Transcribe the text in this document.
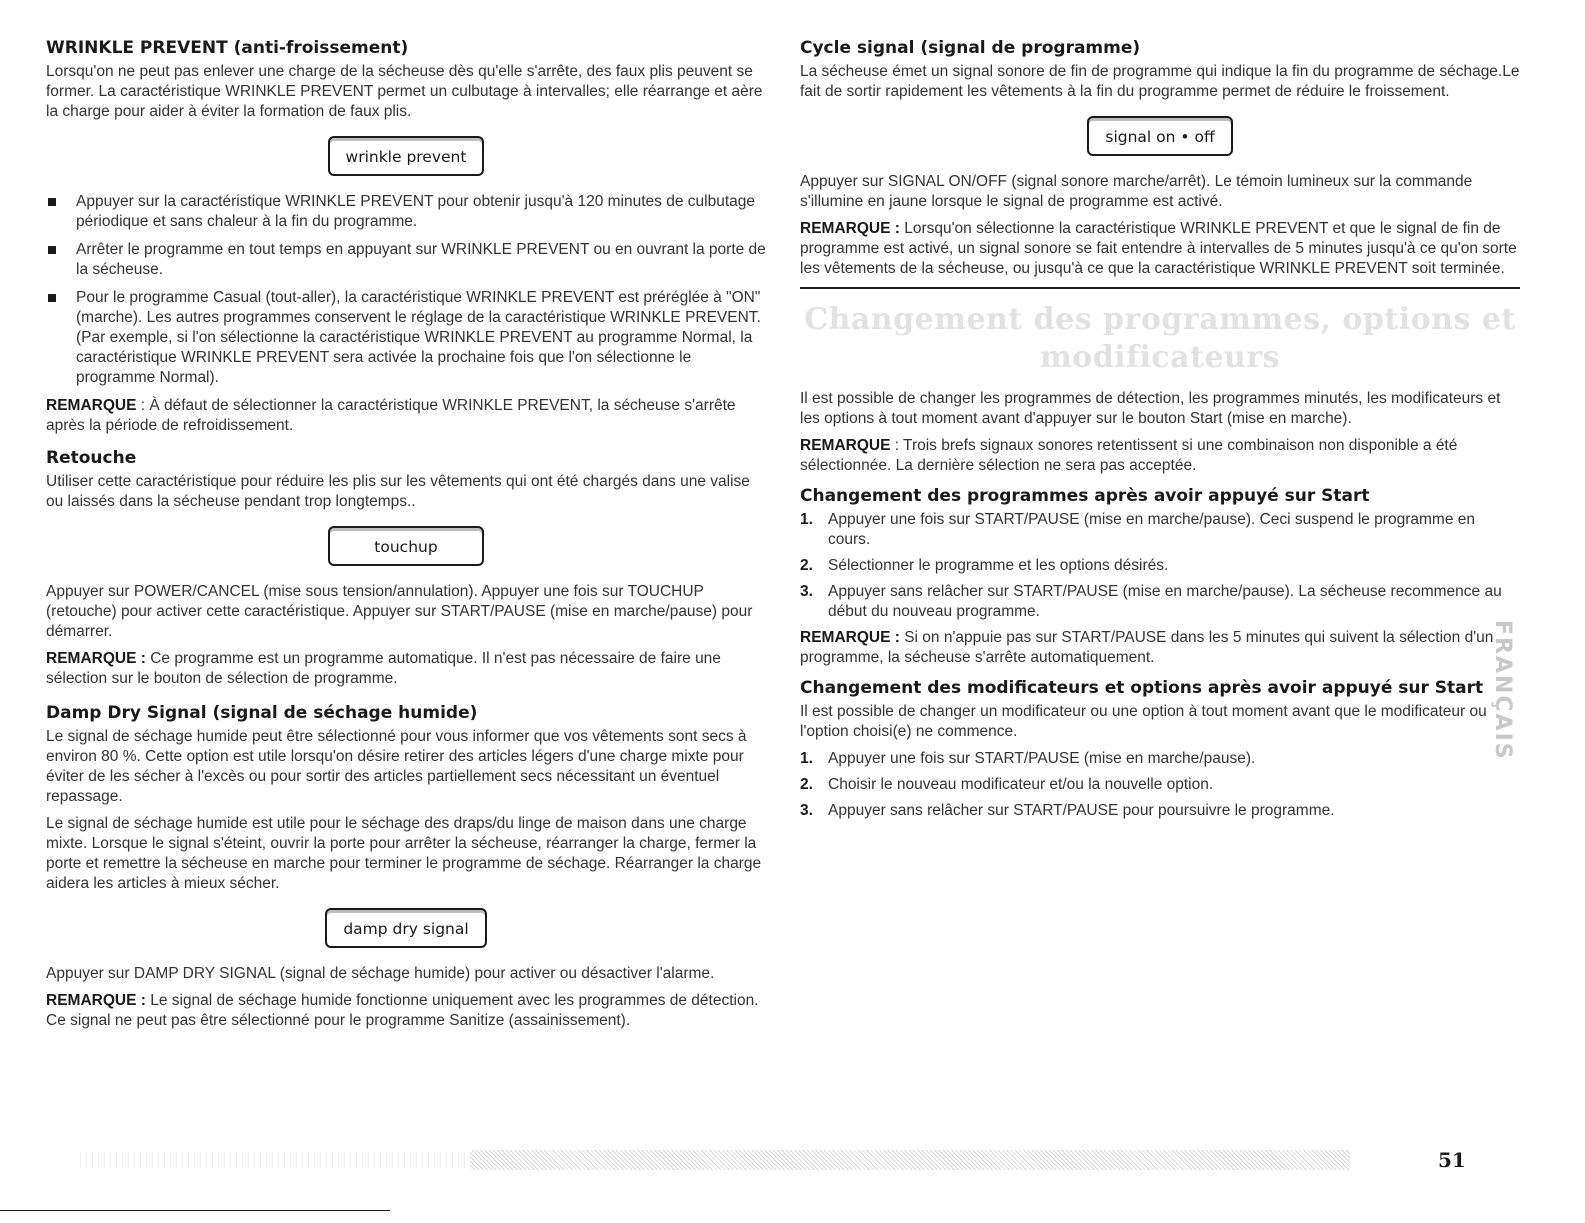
WRINKLE PREVENT (anti-froissement)

Lorsqu'on ne peut pas enlever une charge de la sécheuse dès qu'elle s'arrête, des faux plis peuvent se former. La caractéristique WRINKLE PREVENT permet un culbutage à intervalles; elle réarrange et aère la charge pour aider à éviter la formation de faux plis.

wrinkle prevent
Appuyer sur la caractéristique WRINKLE PREVENT pour obtenir jusqu'à 120 minutes de culbutage périodique et sans chaleur à la fin du programme.
Arrêter le programme en tout temps en appuyant sur WRINKLE PREVENT ou en ouvrant la porte de la sécheuse.
Pour le programme Casual (tout-aller), la caractéristique WRINKLE PREVENT est préréglée à "ON" (marche). Les autres programmes conservent le réglage de la caractéristique WRINKLE PREVENT. (Par exemple, si l'on sélectionne la caractéristique WRINKLE PREVENT au programme Normal, la caractéristique WRINKLE PREVENT sera activée la prochaine fois que l'on sélectionne le programme Normal).

REMARQUE : À défaut de sélectionner la caractéristique WRINKLE PREVENT, la sécheuse s'arrête après la période de refroidissement.

Retouche

Utiliser cette caractéristique pour réduire les plis sur les vêtements qui ont été chargés dans une valise ou laissés dans la sécheuse pendant trop longtemps..

touchup

Appuyer sur POWER/CANCEL (mise sous tension/annulation). Appuyer une fois sur TOUCHUP (retouche) pour activer cette caractéristique. Appuyer sur START/PAUSE (mise en marche/pause) pour démarrer.

REMARQUE : Ce programme est un programme automatique. Il n'est pas nécessaire de faire une sélection sur le bouton de sélection de programme.

Damp Dry Signal (signal de séchage humide)

Le signal de séchage humide peut être sélectionné pour vous informer que vos vêtements sont secs à environ 80 %. Cette option est utile lorsqu'on désire retirer des articles légers d'une charge mixte pour éviter de les sécher à l'excès ou pour sortir des articles partiellement secs nécessitant un éventuel repassage.

Le signal de séchage humide est utile pour le séchage des draps/du linge de maison dans une charge mixte. Lorsque le signal s'éteint, ouvrir la porte pour arrêter la sécheuse, réarranger la charge, fermer la porte et remettre la sécheuse en marche pour terminer le programme de séchage. Réarranger la charge aidera les articles à mieux sécher.

damp dry signal

Appuyer sur DAMP DRY SIGNAL (signal de séchage humide) pour activer ou désactiver l'alarme.

REMARQUE : Le signal de séchage humide fonctionne uniquement avec les programmes de détection. Ce signal ne peut pas être sélectionné pour le programme Sanitize (assainissement).

Cycle signal (signal de programme)

La sécheuse émet un signal sonore de fin de programme qui indique la fin du programme de séchage.Le fait de sortir rapidement les vêtements à la fin du programme permet de réduire le froissement.

signal on • off

Appuyer sur SIGNAL ON/OFF (signal sonore marche/arrêt). Le témoin lumineux sur la commande s'illumine en jaune lorsque le signal de programme est activé.

REMARQUE : Lorsqu'on sélectionne la caractéristique WRINKLE PREVENT et que le signal de fin de programme est activé, un signal sonore se fait entendre à intervalles de 5 minutes jusqu'à ce qu'on sorte les vêtements de la sécheuse, ou jusqu'à ce que la caractéristique WRINKLE PREVENT soit terminée.

Changement des programmes, options et
modificateurs

Il est possible de changer les programmes de détection, les programmes minutés, les modificateurs et les options à tout moment avant d'appuyer sur le bouton Start (mise en marche).

REMARQUE : Trois brefs signaux sonores retentissent si une combinaison non disponible a été sélectionnée. La dernière sélection ne sera pas acceptée.

Changement des programmes après avoir appuyé sur Start
1. Appuyer une fois sur START/PAUSE (mise en marche/pause). Ceci suspend le programme en cours.
2. Sélectionner le programme et les options désirés.
3. Appuyer sans relâcher sur START/PAUSE (mise en marche/pause). La sécheuse recommence au début du nouveau programme.

REMARQUE : Si on n'appuie pas sur START/PAUSE dans les 5 minutes qui suivent la sélection d'un programme, la sécheuse s'arrête automatiquement.

Changement des modificateurs et options après avoir appuyé sur Start

Il est possible de changer un modificateur ou une option à tout moment avant que le modificateur ou l'option choisi(e) ne commence.

1. Appuyer une fois sur START/PAUSE (mise en marche/pause).
2. Choisir le nouveau modificateur et/ou la nouvelle option.
3. Appuyer sans relâcher sur START/PAUSE pour poursuivre le programme.
FRANÇAIS
51
